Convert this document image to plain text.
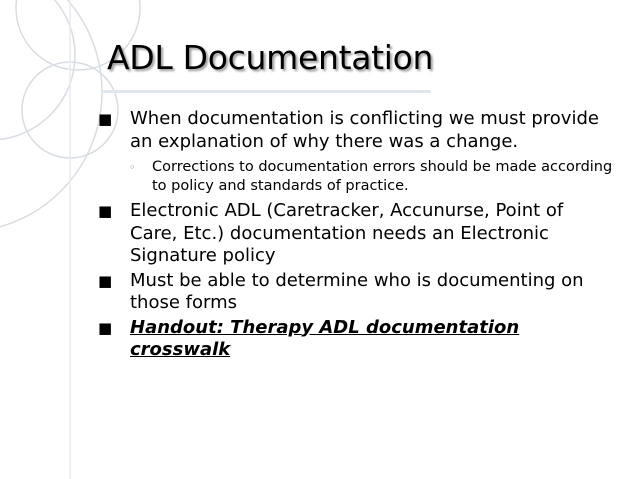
ADL Documentation

■ When documentation is conflicting we must provide an explanation of why there was a change.

◦ Corrections to documentation errors should be made according to policy and standards of practice.

■ Electronic ADL (Caretracker, Accunurse, Point of Care, Etc.) documentation needs an Electronic Signature policy

■ Must be able to determine who is documenting on those forms

■ Handout: Therapy ADL documentation crosswalk
